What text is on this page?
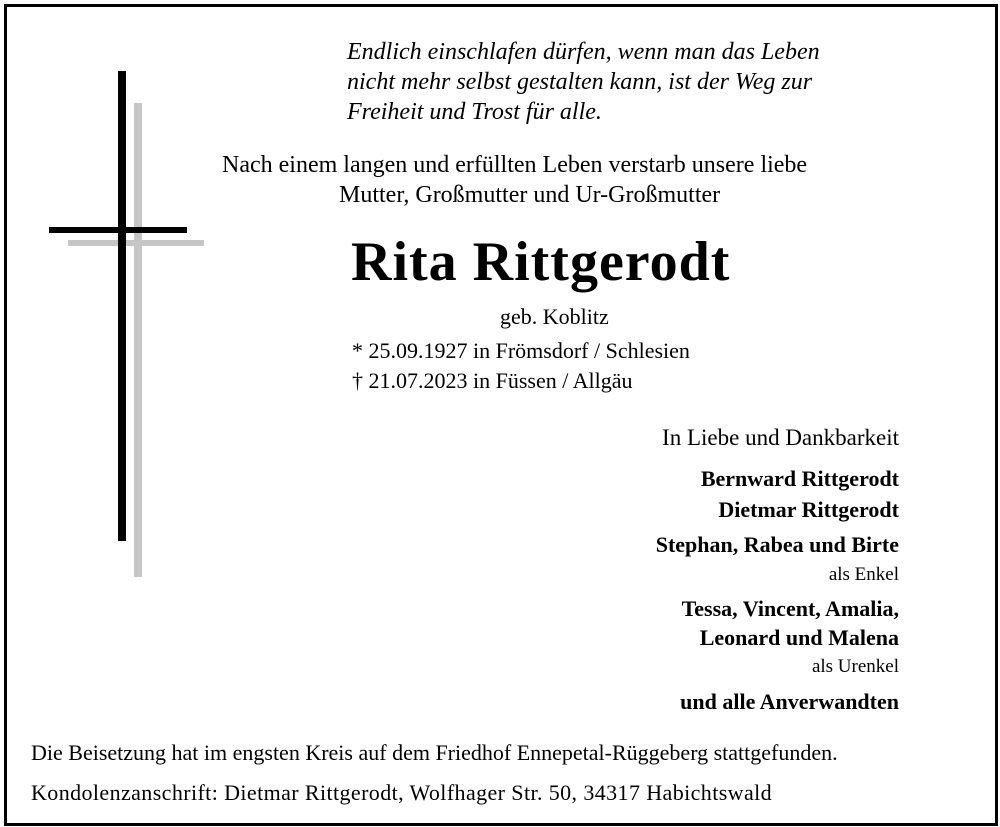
Endlich einschlafen dürfen, wenn man das Leben
nicht mehr selbst gestalten kann, ist der Weg zur
Freiheit und Trost für alle.
Nach einem langen und erfüllten Leben verstarb unsere liebe
Mutter, Großmutter und Ur-Großmutter
Rita Rittgerodt
geb. Koblitz
* 25.09.1927 in Frömsdorf / Schlesien
† 21.07.2023 in Füssen / Allgäu
In Liebe und Dankbarkeit
Bernward Rittgerodt
Dietmar Rittgerodt
Stephan, Rabea und Birte
als Enkel
Tessa, Vincent, Amalia,
Leonard und Malena
als Urenkel
und alle Anverwandten
Die Beisetzung hat im engsten Kreis auf dem Friedhof Ennepetal-Rüggeberg stattgefunden.
Kondolenzanschrift: Dietmar Rittgerodt, Wolfhager Str. 50, 34317 Habichtswald
